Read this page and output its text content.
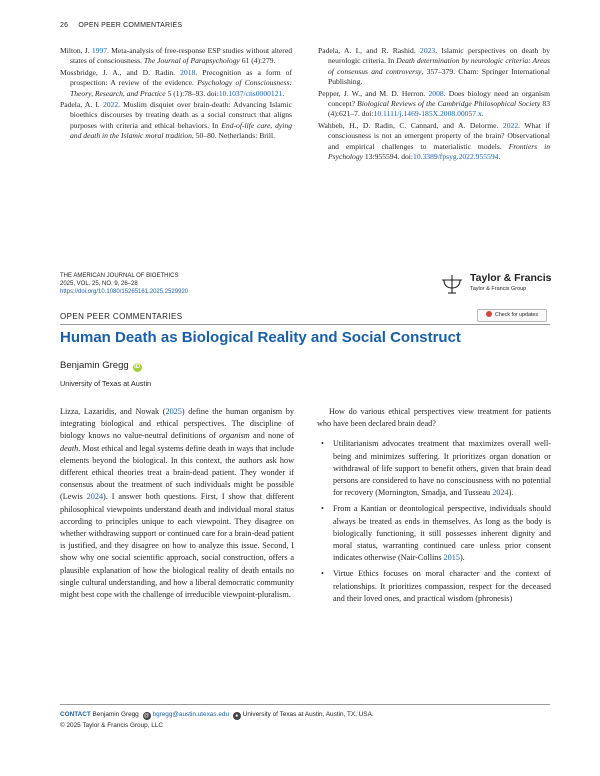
26 OPEN PEER COMMENTARIES

Milton, J. 1997. Meta-analysis of free-response ESP studies without altered states of consciousness. The Journal of Parapsychology 61 (4):279.

Mossbridge, J. A., and D. Radin. 2018. Precognition as a form of prospection: A review of the evidence. Psychology of Consciousness: Theory, Research, and Practice 5 (1):78–93. doi:10.1037/cns0000121.

Padela, A. I. 2022. Muslim disquiet over brain-death: Advancing Islamic bioethics discourses by treating death as a social construct that aligns purposes with criteria and ethical behaviors. In End-of-life care, dying and death in the Islamic moral tradition, 50–80. Netherlands: Brill.

Padela, A. I., and R. Rashid. 2023. Islamic perspectives on death by neurologic criteria. In Death determination by neurologic criteria: Areas of consensus and controversy, 357–379. Cham: Springer International Publishing.

Pepper, J. W., and M. D. Herron. 2008. Does biology need an organism concept? Biological Reviews of the Cambridge Philosophical Society 83 (4):621–7. doi:10.1111/j.1469-185X.2008.00057.x.

Wahbeh, H., D. Radin, C. Cannard, and A. Delorme. 2022. What if consciousness is not an emergent property of the brain? Observational and empirical challenges to materialistic models. Frontiers in Psychology 13:955594. doi:10.3389/fpsyg.2022.955594.

THE AMERICAN JOURNAL OF BIOETHICS
2025, VOL. 25, NO. 9, 26–28
https://doi.org/10.1080/15265161.2025.2529920
Taylor & Francis
Taylor & Francis Group
Check for updates
OPEN PEER COMMENTARIES
Human Death as Biological Reality and Social Construct
Benjamin Gregg iD
University of Texas at Austin

Lizza, Lazaridis, and Nowak (2025) define the human organism by integrating biological and ethical perspectives. The discipline of biology knows no value-neutral definitions of organism and none of death. Most ethical and legal systems define death in ways that include elements beyond the biological. In this context, the authors ask how different ethical theories treat a brain-dead patient. They wonder if consensus about the treatment of such individuals might be possible (Lewis 2024). I answer both questions. First, I show that different philosophical viewpoints understand death and individual moral status according to principles unique to each viewpoint. They disagree on whether withdrawing support or continued care for a brain-dead patient is justified, and they disagree on how to analyze this issue. Second, I show why one social scientific approach, social construction, offers a plausible explanation of how the biological reality of death entails no single cultural understanding, and how a liberal democratic community might best cope with the challenge of irreducible viewpoint-pluralism.

How do various ethical perspectives view treatment for patients who have been declared brain dead?

• Utilitarianism advocates treatment that maximizes overall well-being and minimizes suffering. It prioritizes organ donation or withdrawal of life support to benefit others, given that brain dead persons are considered to have no consciousness with no potential for recovery (Mornington, Smadja, and Tusseau 2024).
• From a Kantian or deontological perspective, individuals should always be treated as ends in themselves. As long as the body is biologically functioning, it still possesses inherent dignity and moral status, warranting continued care unless prior consent indicates otherwise (Nair-Collins 2015).
• Virtue Ethics focuses on moral character and the context of relationships. It prioritizes compassion, respect for the deceased and their loved ones, and practical wisdom (phronesis)
CONTACT Benjamin Gregg @ bgregg@austin.utexas.edu ● University of Texas at Austin, Austin, TX, USA.
© 2025 Taylor & Francis Group, LLC
